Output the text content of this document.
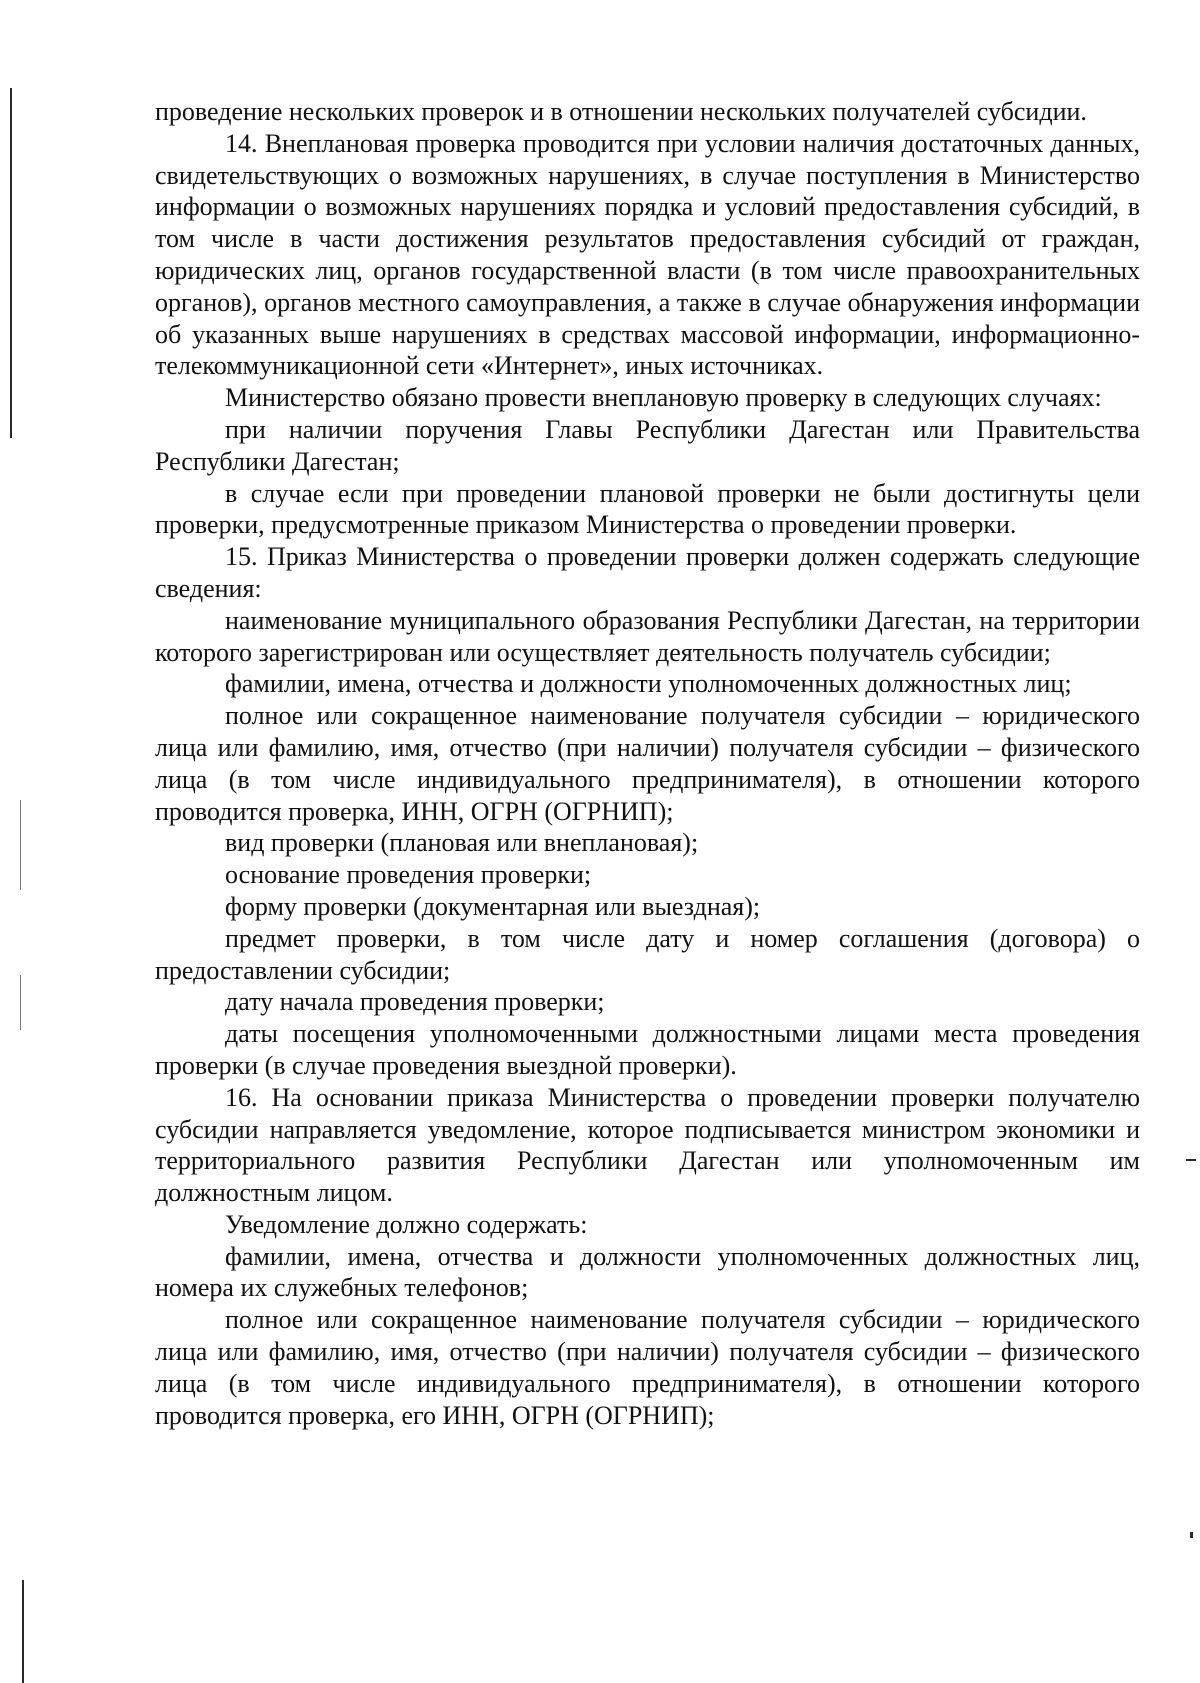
проведение нескольких проверок и в отношении нескольких получателей субсидии.

14. Внеплановая проверка проводится при условии наличия достаточных данных, свидетельствующих о возможных нарушениях, в случае поступления в Министерство информации о возможных нарушениях порядка и условий предоставления субсидий, в том числе в части достижения результатов предоставления субсидий от граждан, юридических лиц, органов государственной власти (в том числе правоохранительных органов), органов местного самоуправления, а также в случае обнаружения информации об указанных выше нарушениях в средствах массовой информации, информационно-телекоммуникационной сети «Интернет», иных источниках.

Министерство обязано провести внеплановую проверку в следующих случаях:

при наличии поручения Главы Республики Дагестан или Правительства Республики Дагестан;

в случае если при проведении плановой проверки не были достигнуты цели проверки, предусмотренные приказом Министерства о проведении проверки.

15. Приказ Министерства о проведении проверки должен содержать следующие сведения:

наименование муниципального образования Республики Дагестан, на территории которого зарегистрирован или осуществляет деятельность получатель субсидии;

фамилии, имена, отчества и должности уполномоченных должностных лиц;

полное или сокращенное наименование получателя субсидии – юридического лица или фамилию, имя, отчество (при наличии) получателя субсидии – физического лица (в том числе индивидуального предпринимателя), в отношении которого проводится проверка, ИНН, ОГРН (ОГРНИП);

вид проверки (плановая или внеплановая);

основание проведения проверки;

форму проверки (документарная или выездная);

предмет проверки, в том числе дату и номер соглашения (договора) о предоставлении субсидии;

дату начала проведения проверки;

даты посещения уполномоченными должностными лицами места проведения проверки (в случае проведения выездной проверки).

16. На основании приказа Министерства о проведении проверки получателю субсидии направляется уведомление, которое подписывается министром экономики и территориального развития Республики Дагестан или уполномоченным им должностным лицом.

Уведомление должно содержать:

фамилии, имена, отчества и должности уполномоченных должностных лиц, номера их служебных телефонов;

полное или сокращенное наименование получателя субсидии – юридического лица или фамилию, имя, отчество (при наличии) получателя субсидии – физического лица (в том числе индивидуального предпринимателя), в отношении которого проводится проверка, его ИНН, ОГРН (ОГРНИП);
